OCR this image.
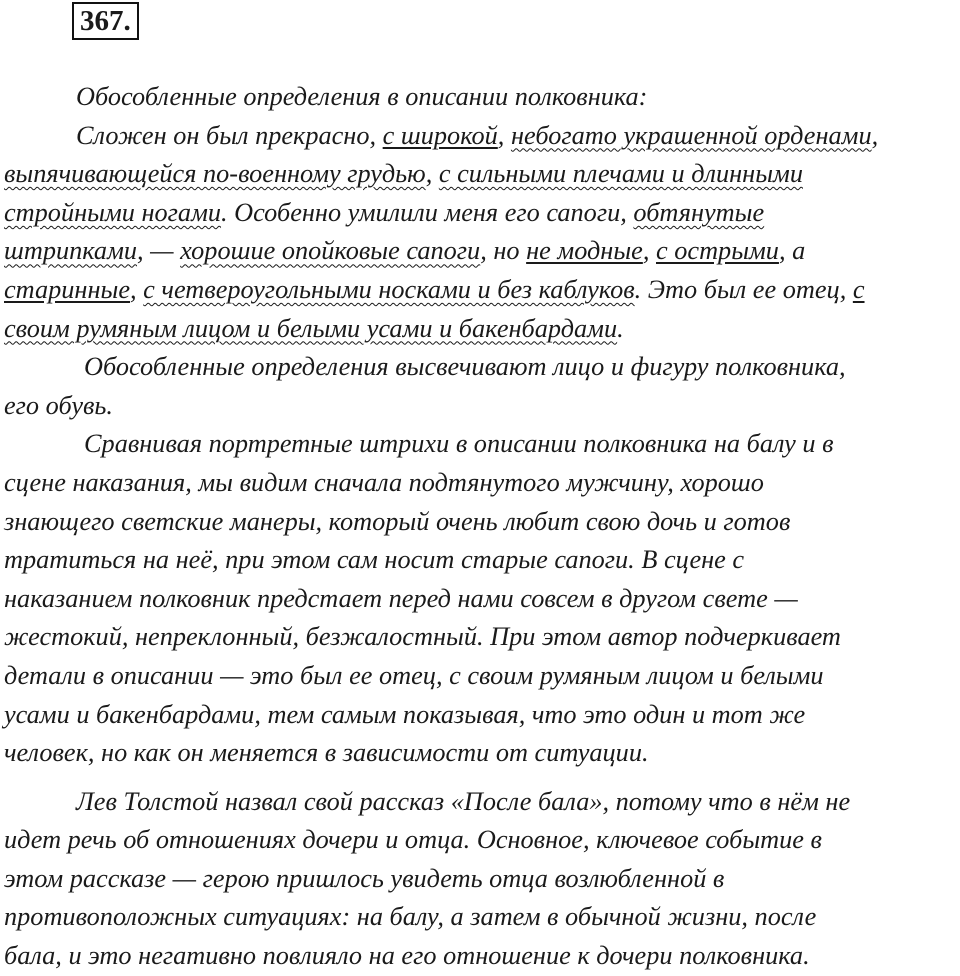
367.
Обособленные определения в описании полковника:
Сложен он был прекрасно, с широкой, небогато украшенной орденами,
выпячивающейся по-военному грудью, с сильными плечами и длинными
стройными ногами. Особенно умилили меня его сапоги, обтянутые
штрипками, — хорошие опойковые сапоги, но не модные, с острыми, а
старинные, с четвероугольными носками и без каблуков. Это был ее отец, с
своим румяным лицом и белыми усами и бакенбардами.
Обособленные определения высвечивают лицо и фигуру полковника,
его обувь.
Сравнивая портретные штрихи в описании полковника на балу и в
сцене наказания, мы видим сначала подтянутого мужчину, хорошо
знающего светские манеры, который очень любит свою дочь и готов
тратиться на неё, при этом сам носит старые сапоги. В сцене с
наказанием полковник предстает перед нами совсем в другом свете —
жестокий, непреклонный, безжалостный. При этом автор подчеркивает
детали в описании — это был ее отец, с своим румяным лицом и белыми
усами и бакенбардами, тем самым показывая, что это один и тот же
человек, но как он меняется в зависимости от ситуации.
Лев Толстой назвал свой рассказ «После бала», потому что в нём не
идет речь об отношениях дочери и отца. Основное, ключевое событие в
этом рассказе — герою пришлось увидеть отца возлюбленной в
противоположных ситуациях: на балу, а затем в обычной жизни, после
бала, и это негативно повлияло на его отношение к дочери полковника.
